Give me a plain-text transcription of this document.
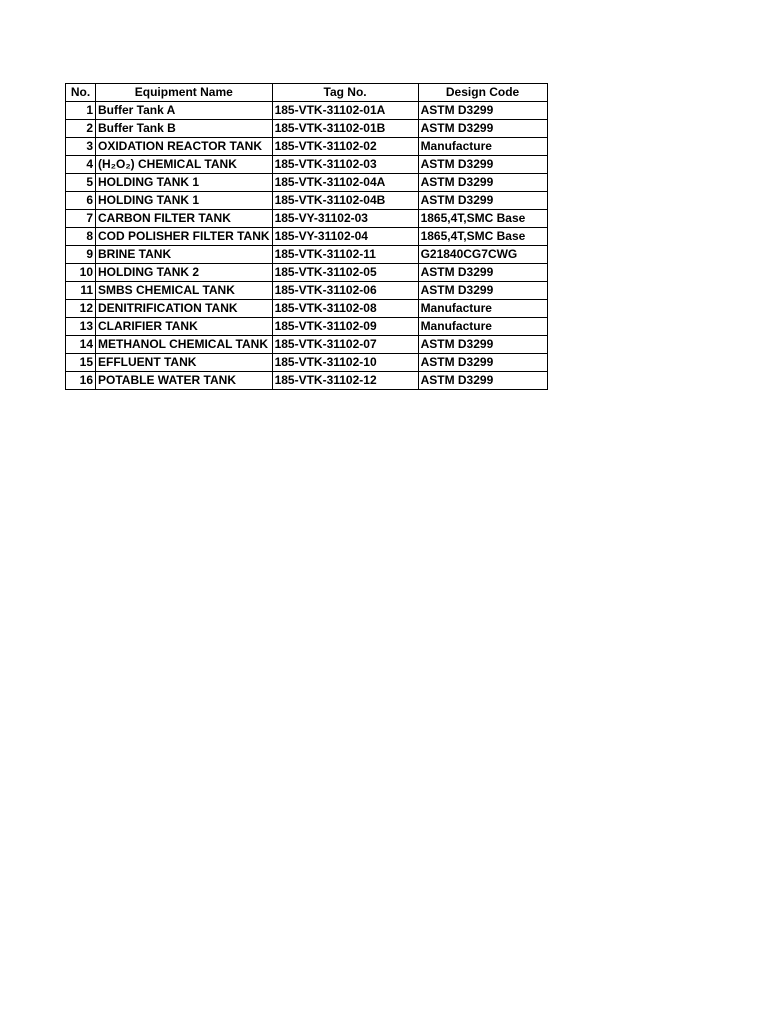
No.	Equipment Name	Tag No.	Design Code
1	Buffer Tank A	185-VTK-31102-01A	ASTM D3299
2	Buffer Tank B	185-VTK-31102-01B	ASTM D3299
3	OXIDATION REACTOR TANK	185-VTK-31102-02	Manufacture
4	(H₂O₂) CHEMICAL TANK	185-VTK-31102-03	ASTM D3299
5	HOLDING TANK 1	185-VTK-31102-04A	ASTM D3299
6	HOLDING TANK 1	185-VTK-31102-04B	ASTM D3299
7	CARBON FILTER TANK	185-VY-31102-03	1865,4T,SMC Base
8	COD POLISHER FILTER TANK	185-VY-31102-04	1865,4T,SMC Base
9	BRINE TANK	185-VTK-31102-11	G21840CG7CWG
10	HOLDING TANK 2	185-VTK-31102-05	ASTM D3299
11	SMBS CHEMICAL TANK	185-VTK-31102-06	ASTM D3299
12	DENITRIFICATION TANK	185-VTK-31102-08	Manufacture
13	CLARIFIER TANK	185-VTK-31102-09	Manufacture
14	METHANOL CHEMICAL TANK	185-VTK-31102-07	ASTM D3299
15	EFFLUENT TANK	185-VTK-31102-10	ASTM D3299
16	POTABLE WATER TANK	185-VTK-31102-12	ASTM D3299
